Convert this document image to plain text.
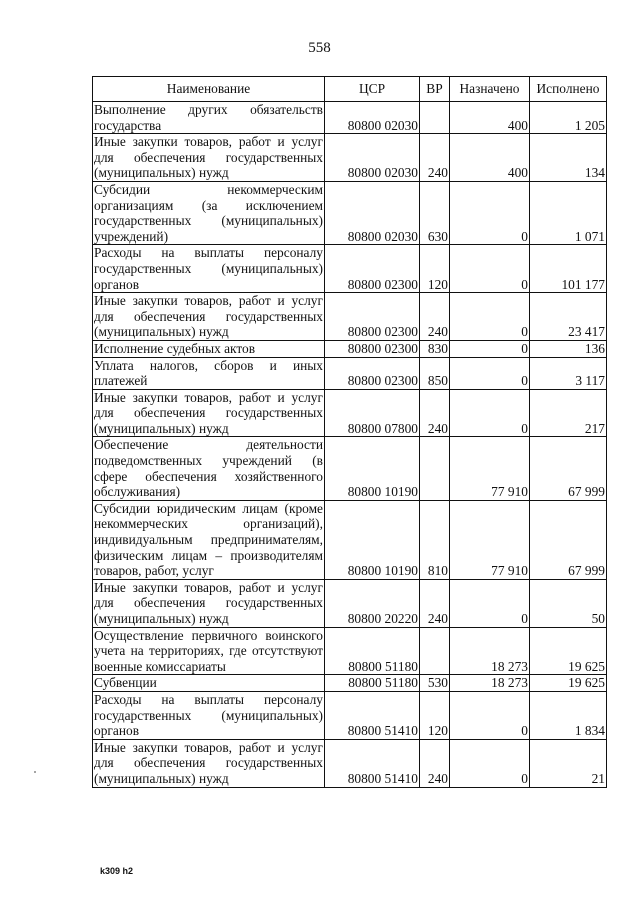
558
Наименование	ЦСР	ВР	Назначено	Исполнено
Выполнение других обязательств государства	80800 02030		400	1 205
Иные закупки товаров, работ и услуг для обеспечения государственных (муниципальных) нужд	80800 02030	240	400	134
Субсидии некоммерческим организациям (за исключением государственных (муниципальных) учреждений)	80800 02030	630	0	1 071
Расходы на выплаты персоналу государственных (муниципальных) органов	80800 02300	120	0	101 177
Иные закупки товаров, работ и услуг для обеспечения государственных (муниципальных) нужд	80800 02300	240	0	23 417
Исполнение судебных актов	80800 02300	830	0	136
Уплата налогов, сборов и иных платежей	80800 02300	850	0	3 117
Иные закупки товаров, работ и услуг для обеспечения государственных (муниципальных) нужд	80800 07800	240	0	217
Обеспечение деятельности подведомственных учреждений (в сфере обеспечения хозяйственного обслуживания)	80800 10190		77 910	67 999
Субсидии юридическим лицам (кроме некоммерческих организаций), индивидуальным предпринимателям, физическим лицам – производителям товаров, работ, услуг	80800 10190	810	77 910	67 999
Иные закупки товаров, работ и услуг для обеспечения государственных (муниципальных) нужд	80800 20220	240	0	50
Осуществление первичного воинского учета на территориях, где отсутствуют военные комиссариаты	80800 51180		18 273	19 625
Субвенции	80800 51180	530	18 273	19 625
Расходы на выплаты персоналу государственных (муниципальных) органов	80800 51410	120	0	1 834
Иные закупки товаров, работ и услуг для обеспечения государственных (муниципальных) нужд	80800 51410	240	0	21
k309 h2
